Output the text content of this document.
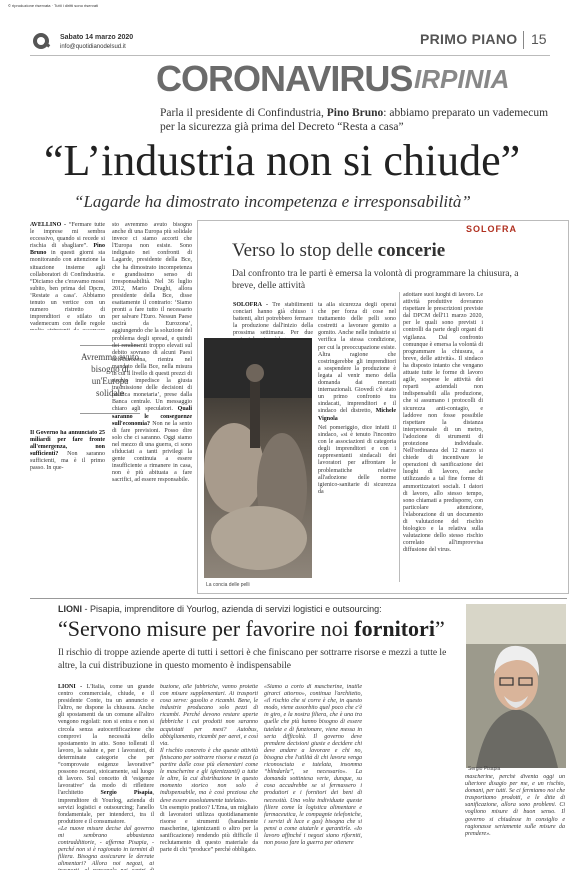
© riproduzione riservata · Tutti i diritti sono riservati
Sabato 14 marzo 2020
info@quotidianodelsud.it	PRIMO PIANO 15
CORONAVIRUS IRPINIA
Parla il presidente di Confindustria, Pino Bruno: abbiamo preparato un vademecum per la sicurezza già prima del Decreto “Resta a casa”
“L’industria non si chiude”
“Lagarde ha dimostrato incompetenza e irresponsabilità”

AVELLINO - “Fermare tutte le imprese mi sembra eccessivo, quando si recede si rischia di sbagliare”. Pino Bruno in questi giorni sta monitorando con attenzione la situazione insieme agli collaboratori di Confindustria. “Diciamo che c'eravamo mossi subito, ben prima del Dpcm, ‘Restate a casa’. Abbiamo tenuto un vertice con un numero ristretto di imprenditori e stilato un vademecum con delle regole

Avremmo avuto bisogno di un'Europa solidale

Il Governo ha annunciato 25 miliardi per fare fronte all'emergenza, non sufficienti? Non saranno sufficienti, ma è il primo passo. In que-

sto avremmo avuto bisogno anche di una Europa più solidale invece ci siamo accorti che l'Europa non esiste. Sono indignato nei confronti di Lagarde, presidente della Bce, che ha dimostrato incompetenza e grandissimo senso di irresponsabilità. Nel 36 luglio 2012, Mario Draghi, allora presidente della Bce, disse esattamente il contrario: ‘Siamo pronti a fare tutto il necessario per salvare l'Euro. Nessun Paese uscirà da Eurozona’, aggiungendo che la soluzione del problema degli spread, e quindi dei rendimenti troppo elevati sul debito sovrano di alcuni Paesi dell'Eurozona, rientra nel mandato della Bce, nella misura in cui il livello di questi prezzi di rischio impedisce la giusta trasmissione delle decisioni di politica monetaria’, prese dalla Banca centrale. Un messaggio chiaro agli speculatori. Quali saranno le conseguenze sull'economia? Non ne la sento di fare previsioni. Posso dire solo che ci saranno. Oggi siamo nel mezzo di una guerra, ci sono sfiduciati a tanti privilegi la gente continuia a essere insufficiente a rimanere in casa, non è più abituata a fare sacrifici, ad essere responsabile.

SOLOFRA
Verso lo stop delle concerie
Dal confronto tra le parti è emersa la volontà di programmare la chiusura, a breve, delle attività

SOLOFRA - Tre stabilimenti conciari hanno già chiuso i battenti, altri potrebbero fermare la produzione dall'inizio della prossima settimana. Per due

ta alla sicurezza degli operai che per forza di cose nel trattamento delle pelli sono costretti a lavorare gomito a gomito. Anche nelle industrie si verifica la stessa condizione, per cui la preoccupazione esiste. Altra ragione che costringerebbe gli imprenditori a sospendere la produzione è legata al venir meno della domanda dai mercati internazionali. Giovedì c'è stato un primo confronto tra sindacati, imprenditori e il sindaco del distretto, Michele Vignola

Nel pomeriggio, dice infatti il sindaco, «si è tenuto l'incontro con le associazioni di categoria degli imprenditori e con i rappresentanti sindacali dei lavoratori per affrontare le problematiche relative all'adozione delle norme igienico-sanitarie di sicurezza da

adottare suoi luoghi di lavoro. Le attività produttive dovranno rispettare le prescrizioni previste dal DPCM dell'11 marzo 2020, per le quali sono previsti i controlli da parte degli organi di vigilanza. Dal confronto comunque è emersa la volontà di programmare la chiusura, a breve, delle attività». Il sindaco ha disposto intanto che vengano attuate tutte le forme di lavoro agile, sospese le attività dei reparti aziendali non indispensabili alla produzione, che si assumano i protocolli di sicurezza anti-contagio, e laddove non fosse possibile rispettare la distanza interpersonale di un metro, l'adozione di strumenti di protezione individuale. Nell'ordinanza del 12 marzo si chiede di incentivare le operazioni di sanificazione dei luoghi di lavoro, anche utilizzando a tal fine forme di ammortizzatori sociali. I datori di lavoro, allo stesso tempo, sono chiamati a predisporre, con particolare attenzione, l'elaborazione di un documento di valutazione del rischio biologico e la relativa sulla valutazione dello stesso rischio correlato all'improvvisa diffusione del virus.

La concia delle pelli
LIONI - Pisapia, imprenditore di Yourlog, azienda di servizi logistici e outsourcing:
“Servono misure per favorire noi fornitori”
Il rischio di troppe aziende aperte di tutti i settori è che finiscano per sottrarre risorse e mezzi a tutte le altre, la cui distribuzione in questo momento è indispensabile

LIONI - L'Italia, come un grande centro commerciale, chiude, e il presidente Conte, tra un annuncio e l'altro, ne dispone la chiusura. Anche gli spostamenti da un comune all'altro vengono regolati: non si entra e non si circola senza autocertificazione che comprovi la necessità dello spostamento in atto. Sono tollerati il lavoro, la salute e, per i lavoratori, di determinate categorie che per “comprovate esigenze lavorative” possono recarsi, stoicamente, sul luogo di lavoro. Sul concetto di ‘esigenze lavorative’ da modo di riflettere l'architetto	Sergio Pisapia, imprenditore di Yourlog, azienda di servizi logistici e outsourcing; l'anello fondamentale, per intenderci, tra il produttore e il consumatore.

«Le nuove misure decise dal governo mi sembrano abbastanza contraddittorie, - afferma Pisapia, - perché non si è ragionato in termini di filiera. Bisogna assicurare le derrate alimentari? Allora noi negozi, ai

buzione, alle fabbriche, vanno protette con misure supplementari. Ai trasporti cosa serve: gasolio e ricambi. Bene, le industrie producano solo pezzi di ricambi. Perché devono restare aperte fabbriche i cui prodotti non saranno acquistati per mesi? Autobus, abbigliamento, ricambi per aerei, e così via.

Il rischio concreto è che queste attività finiscano per sottrarre risorse e mezzi (a partire dalle cose più elementari come le mascherine e gli igienizzanti) a tutte le altre, la cui distribuzione in questo momento storico non solo è indispensabile, ma è così preziosa che deve essere assolutamente tutelata».

Un esempio pratico? L'Ema, un migliaio di lavoratori utilizza quotidianamente risorse e strumenti (banalmente mascherine, igienizzanti o altro per la sanificazione) rendendo più difficile il reclutamento di questo materiale da parte di chi “produce” perché obbligato.

«Siamo a corto di mascherine, inutile girarci attorno», continua l'architetto, «il rischio che si corre è che, in questo modo, viene assorbito quel poco che c'è in giro, e la nostra filiera, che è una tra quelle che più hanno bisogno di essere tutelate e di funzionare, viene messa in seria difficoltà. Il governo deve prendere decisioni giuste e decidere chi deve andare a lavorare e chi no, bisogna che l'utilità di chi lavora venga riconosciuta e tutelata, insomma “blindarla”, se necessario». La domanda sottintesa verte, dunque, su cosa accadrebbe se si fermassero i produttori e i fornitori dei beni di necessità. Una volta individuate queste filiere come la logistica alimentare e farmaceutica, le compagnie telefoniche, i servizi di luce e gas) bisogna che si pensi a come aiutarle e garantirle. «Io lavoro affinché i negozi siano riforniti, non posso fare la guerra per ottenere

mascherine, perché diventa oggi un ulteriore disagio per me, e un rischio, domani, per tutti. Se ci fermiamo noi che trasportiamo prodotti, e le ditte di sanificazione, allora sono problemi. Ci vogliono misure di buon senso. Il governo si chiudesse in consiglio e ragionasse seriamente sulle misure da prendere».

Sergio Pisapia
